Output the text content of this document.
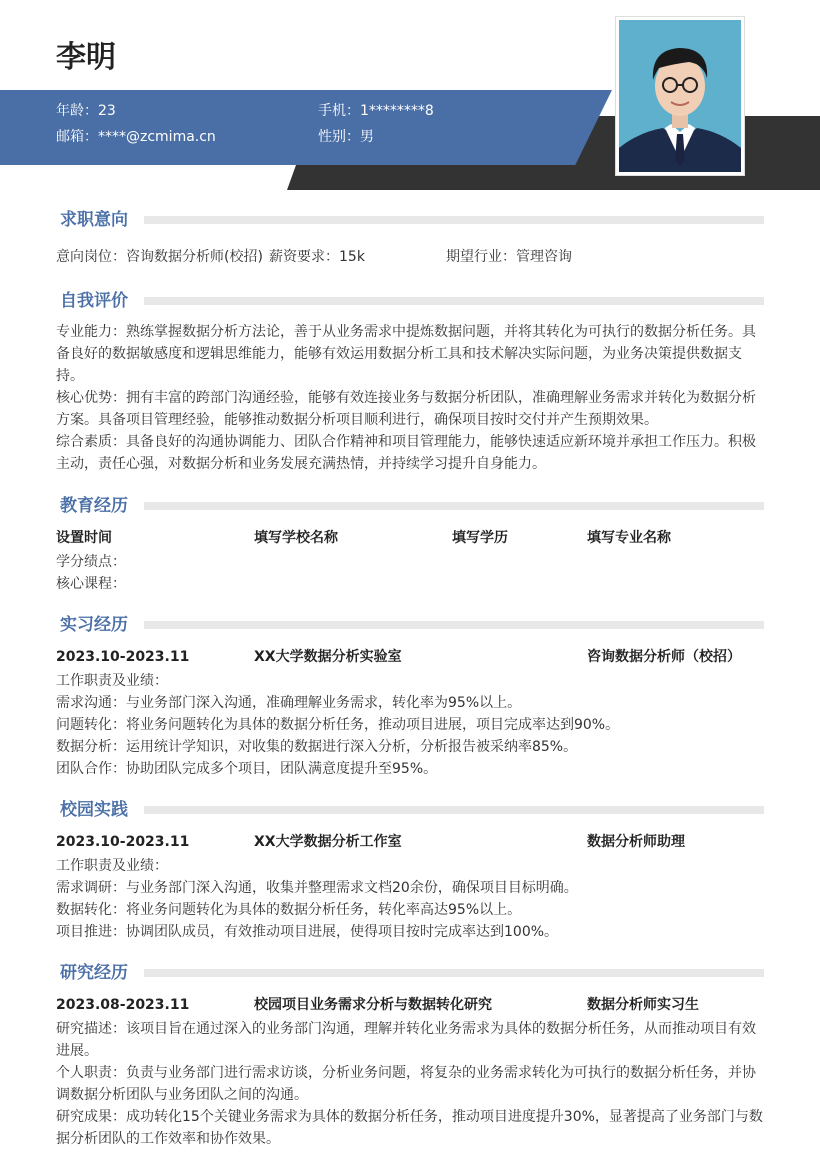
李明
年龄：23	手机：1********8
邮箱：****@zcmima.cn	性别：男
求职意向
意向岗位：咨询数据分析师(校招) 薪资要求：15k	期望行业：管理咨询
自我评价

专业能力：熟练掌握数据分析方法论，善于从业务需求中提炼数据问题，并将其转化为可执行的数据分析任务。具备良好的数据敏感度和逻辑思维能力，能够有效运用数据分析工具和技术解决实际问题，为业务决策提供数据支持。

核心优势：拥有丰富的跨部门沟通经验，能够有效连接业务与数据分析团队，准确理解业务需求并转化为数据分析方案。具备项目管理经验，能够推动数据分析项目顺利进行，确保项目按时交付并产生预期效果。

综合素质：具备良好的沟通协调能力、团队合作精神和项目管理能力，能够快速适应新环境并承担工作压力。积极主动，责任心强，对数据分析和业务发展充满热情，并持续学习提升自身能力。

教育经历
设置时间	填写学校名称	填写学历	填写专业名称
学分绩点：
核心课程：
实习经历
2023.10-2023.11	XX大学数据分析实验室	咨询数据分析师（校招）

工作职责及业绩：

需求沟通：与业务部门深入沟通，准确理解业务需求，转化率为95%以上。

问题转化：将业务问题转化为具体的数据分析任务，推动项目进展，项目完成率达到90%。

数据分析：运用统计学知识，对收集的数据进行深入分析，分析报告被采纳率85%。

团队合作：协助团队完成多个项目，团队满意度提升至95%。

校园实践
2023.10-2023.11	XX大学数据分析工作室	数据分析师助理

工作职责及业绩：

需求调研：与业务部门深入沟通，收集并整理需求文档20余份，确保项目目标明确。

数据转化：将业务问题转化为具体的数据分析任务，转化率高达95%以上。

项目推进：协调团队成员，有效推动项目进展，使得项目按时完成率达到100%。

研究经历
2023.08-2023.11	校园项目业务需求分析与数据转化研究	数据分析师实习生

研究描述：该项目旨在通过深入的业务部门沟通，理解并转化业务需求为具体的数据分析任务，从而推动项目有效进展。

个人职责：负责与业务部门进行需求访谈，分析业务问题，将复杂的业务需求转化为可执行的数据分析任务，并协调数据分析团队与业务团队之间的沟通。

研究成果：成功转化15个关键业务需求为具体的数据分析任务，推动项目进度提升30%，显著提高了业务部门与数据分析团队的工作效率和协作效果。
